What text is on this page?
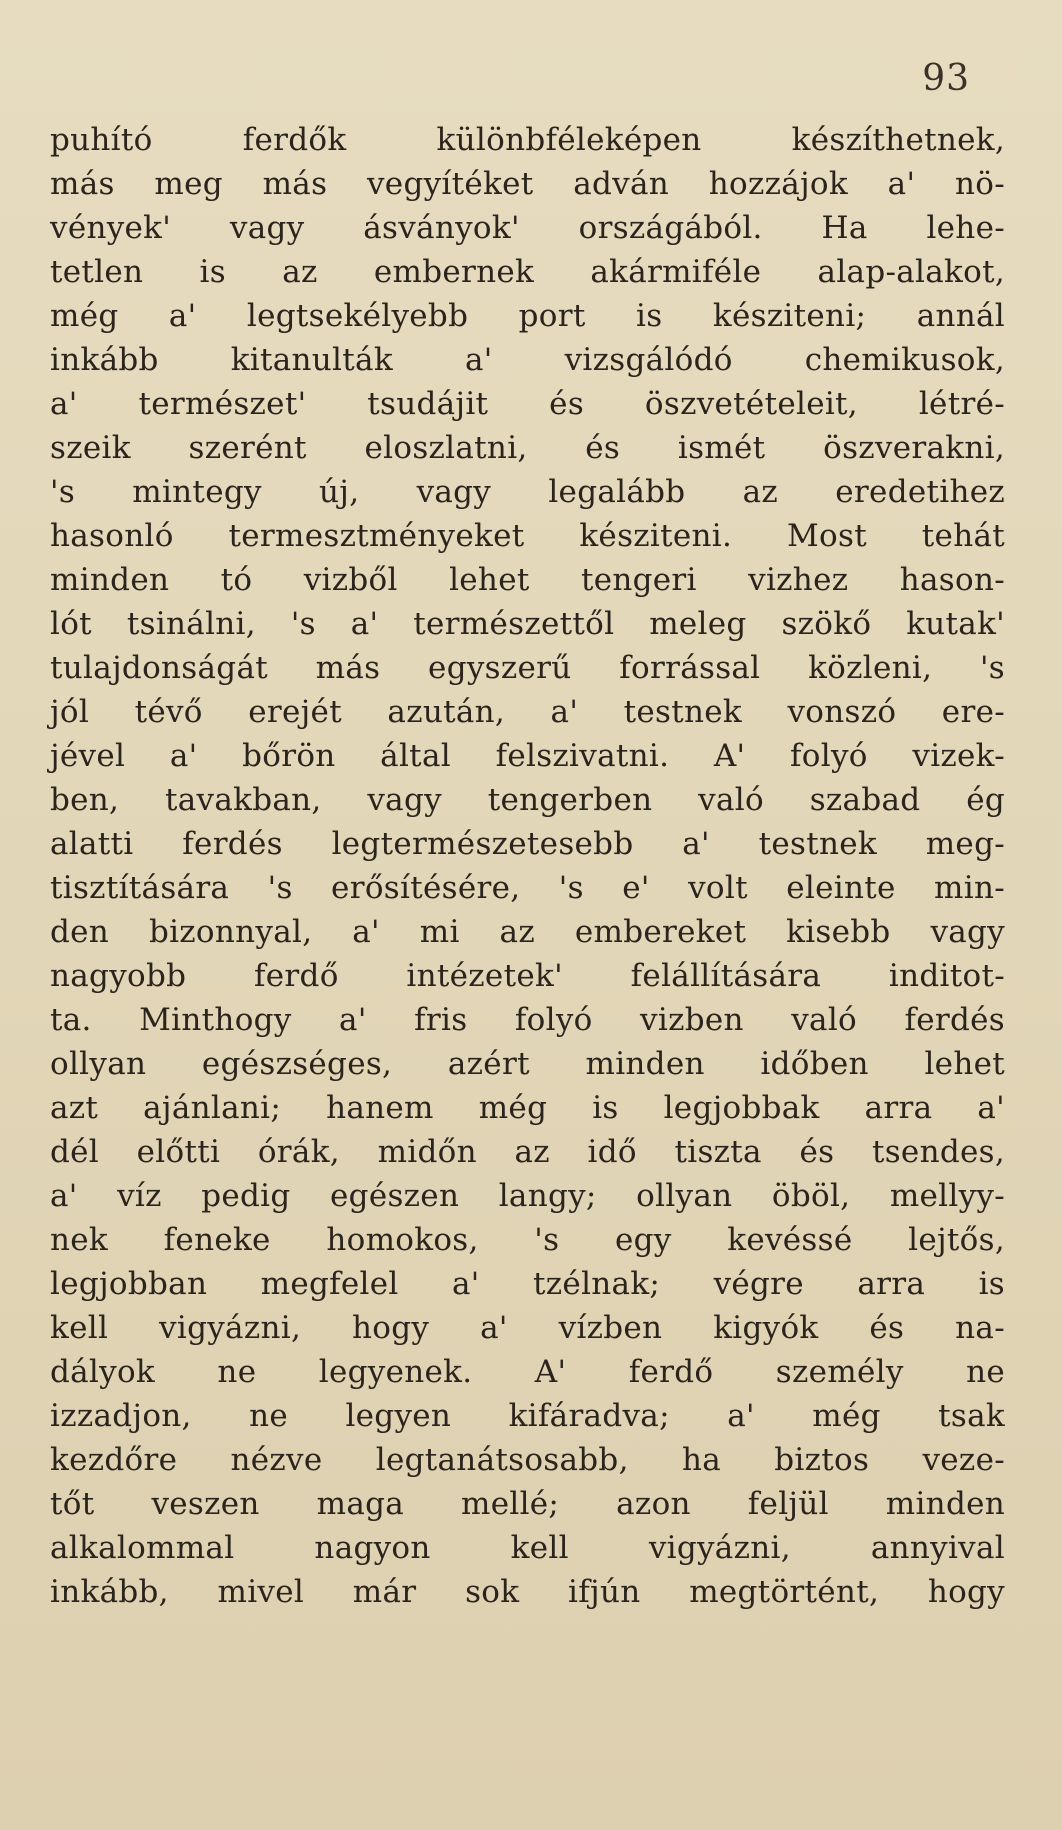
93
puhító ferdők különbféleképen készíthetnek,
más meg más vegyítéket adván hozzájok a' nö-
vények' vagy ásványok' országából. Ha lehe-
tetlen is az embernek akármiféle alap-alakot,
még a' legtsekélyebb port is késziteni; annál
inkább kitanulták a' vizsgálódó chemikusok,
a' természet' tsudájit és öszvetételeit, létré-
szeik szerént eloszlatni, és ismét öszverakni,
's mintegy új, vagy legalább az eredetihez
hasonló termesztményeket késziteni. Most tehát
minden tó vizből lehet tengeri vizhez hason-
lót tsinálni, 's a' természettől meleg szökő kutak'
tulajdonságát más egyszerű forrással közleni, 's
jól tévő erejét azután, a' testnek vonszó ere-
jével a' bőrön által felszivatni. A' folyó vizek-
ben, tavakban, vagy tengerben való szabad ég
alatti ferdés legtermészetesebb a' testnek meg-
tisztítására 's erősítésére, 's e' volt eleinte min-
den bizonnyal, a' mi az embereket kisebb vagy
nagyobb ferdő intézetek' felállítására inditot-
ta. Minthogy a' fris folyó vizben való ferdés
ollyan egészséges, azért minden időben lehet
azt ajánlani; hanem még is legjobbak arra a'
dél előtti órák, midőn az idő tiszta és tsendes,
a' víz pedig egészen langy; ollyan öböl, mellyy-
nek feneke homokos, 's egy kevéssé lejtős,
legjobban megfelel a' tzélnak; végre arra is
kell vigyázni, hogy a' vízben kigyók és na-
dályok ne legyenek. A' ferdő személy ne
izzadjon, ne legyen kifáradva; a' még tsak
kezdőre nézve legtanátsosabb, ha biztos veze-
tőt veszen maga mellé; azon feljül minden
alkalommal nagyon kell vigyázni, annyival
inkább, mivel már sok ifjún megtörtént, hogy
